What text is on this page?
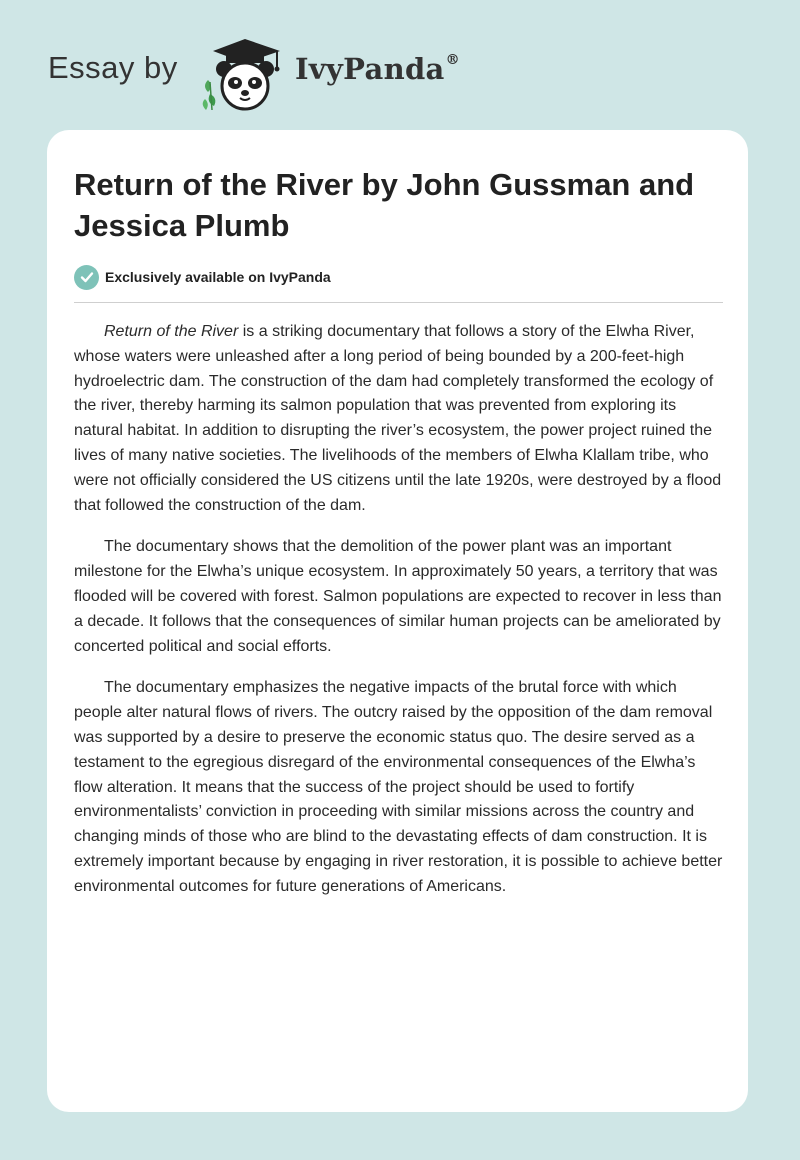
Essay by	IvyPanda®
Return of the River by John Gussman and Jessica Plumb
Exclusively available on IvyPanda

Return of the River is a striking documentary that follows a story of the Elwha River, whose waters were unleashed after a long period of being bounded by a 200-feet-high hydroelectric dam. The construction of the dam had completely transformed the ecology of the river, thereby harming its salmon population that was prevented from exploring its natural habitat. In addition to disrupting the river’s ecosystem, the power project ruined the lives of many native societies. The livelihoods of the members of Elwha Klallam tribe, who were not officially considered the US citizens until the late 1920s, were destroyed by a flood that followed the construction of the dam.

The documentary shows that the demolition of the power plant was an important milestone for the Elwha’s unique ecosystem. In approximately 50 years, a territory that was flooded will be covered with forest. Salmon populations are expected to recover in less than a decade. It follows that the consequences of similar human projects can be ameliorated by concerted political and social efforts.

The documentary emphasizes the negative impacts of the brutal force with which people alter natural flows of rivers. The outcry raised by the opposition of the dam removal was supported by a desire to preserve the economic status quo. The desire served as a testament to the egregious disregard of the environmental consequences of the Elwha’s flow alteration. It means that the success of the project should be used to fortify environmentalists’ conviction in proceeding with similar missions across the country and changing minds of those who are blind to the devastating effects of dam construction. It is extremely important because by engaging in river restoration, it is possible to achieve better environmental outcomes for future generations of Americans.
